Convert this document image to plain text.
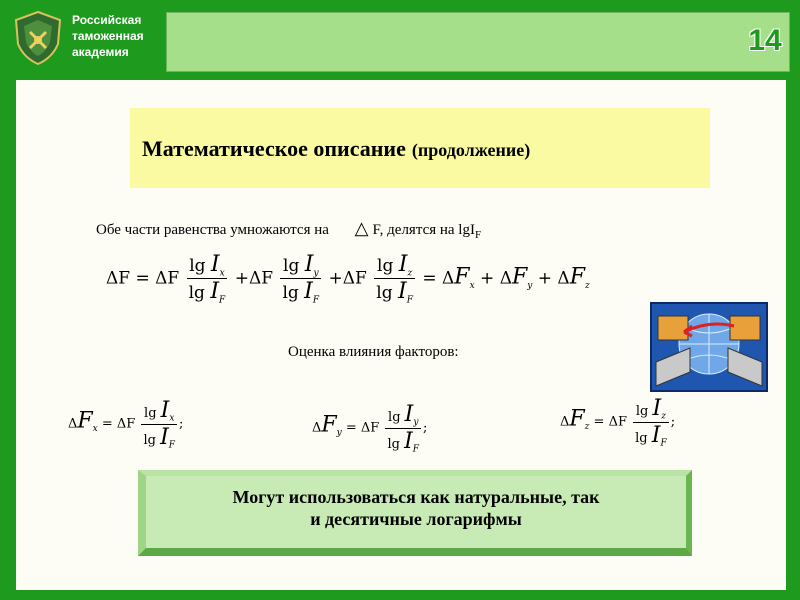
Российская
таможенная
академия	14
Математическое описание (продолжение)
Обе части равенства умножаются на △ F, делятся на lgI$_F$
ΔF = ΔF $\frac{\lg I_x}{\lg I_F} +\Delta F \frac{\lg I_y}{\lg I_F} +\Delta F \frac{\lg I_z}{\lg I_F} = \Delta F_x + \Delta F_y + \Delta F_z$
Оценка влияния факторов:
$\Delta F_x = \Delta F \frac{\lg I_x}{\lg I_F}$ ;	$\Delta F_y = \Delta F \frac{\lg I_y}{\lg I_F}$ ;	$\Delta F_z = \Delta F \frac{\lg I_z}{\lg I_F}$ ;
Могут использоваться как натуральные, так
и десятичные логарифмы
